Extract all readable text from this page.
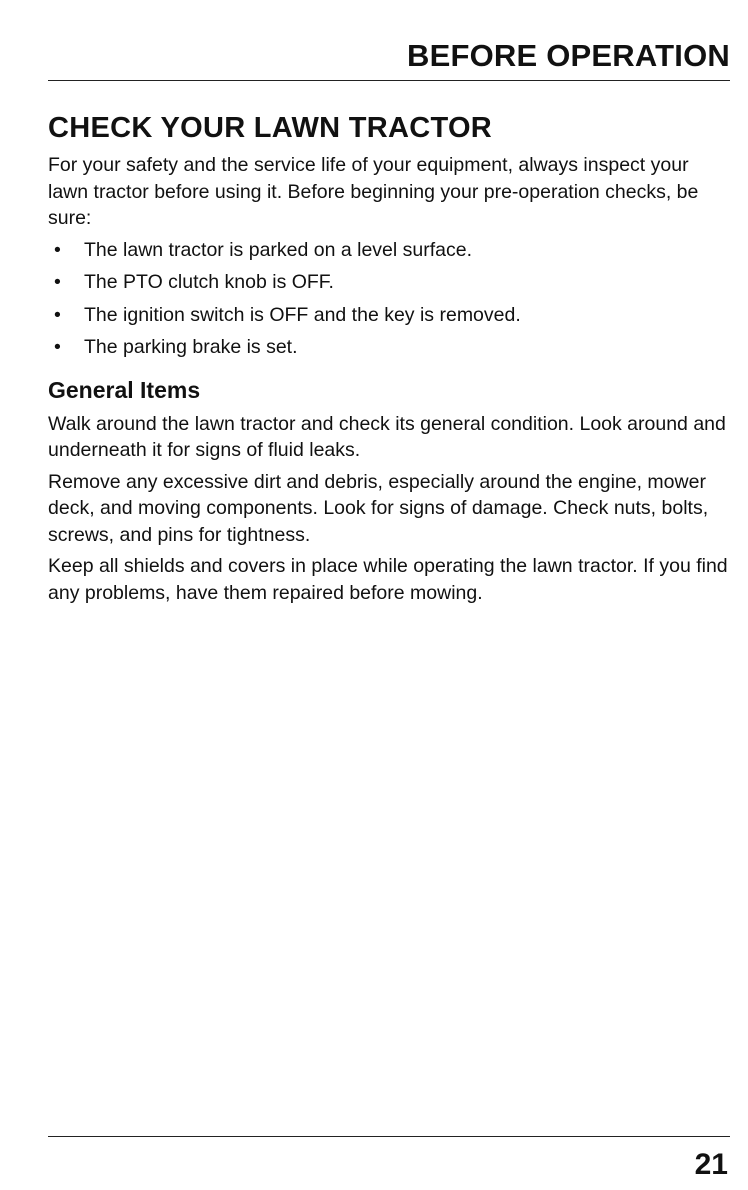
BEFORE OPERATION
CHECK YOUR LAWN TRACTOR

For your safety and the service life of your equipment, always inspect your lawn tractor before using it. Before beginning your pre-operation checks, be sure:

• The lawn tractor is parked on a level surface.
• The PTO clutch knob is OFF.
• The ignition switch is OFF and the key is removed.
• The parking brake is set.
General Items

Walk around the lawn tractor and check its general condition. Look around and underneath it for signs of fluid leaks.

Remove any excessive dirt and debris, especially around the engine, mower deck, and moving components. Look for signs of damage. Check nuts, bolts, screws, and pins for tightness.

Keep all shields and covers in place while operating the lawn tractor. If you find any problems, have them repaired before mowing.

21
